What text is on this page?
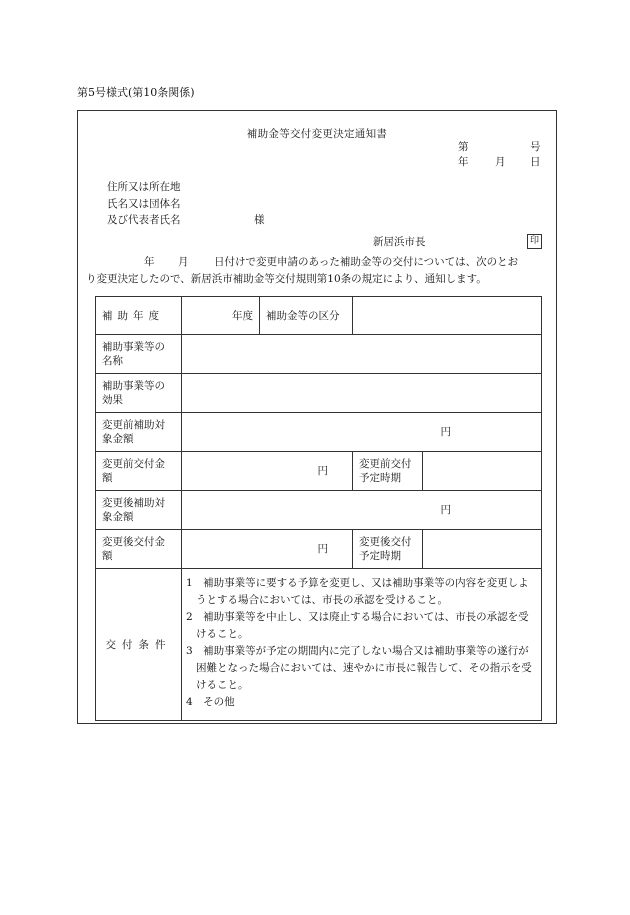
第5号様式(第10条関係)
補助金等交付変更決定通知書
第	号
年	月 日
住所又は所在地
氏名又は団体名
及び代表者氏名	様
新居浜市長	印
年 月 日付けで変更申請のあった補助金等の交付については、次のとお
り変更決定したので、新居浜市補助金等交付規則第10条の規定により、通知します。
補助年度	年度	補助金等の区分		
補助事業等の名称				
補助事業等の効果				
変更前補助対象金額	円			
変更前交付金額	円		変更前交付予定時期	
変更後補助対象金額	円			
変更後交付金額	円		変更後交付予定時期	
交付条件	1　補助事業等に要する予算を変更し、又は補助事業等の内容を変更しようとする場合においては、市長の承認を受けること。
2　補助事業等を中止し、又は廃止する場合においては、市長の承認を受けること。
3　補助事業等が予定の期間内に完了しない場合又は補助事業等の遂行が困難となった場合においては、速やかに市長に報告して、その指示を受けること。
4　その他			
